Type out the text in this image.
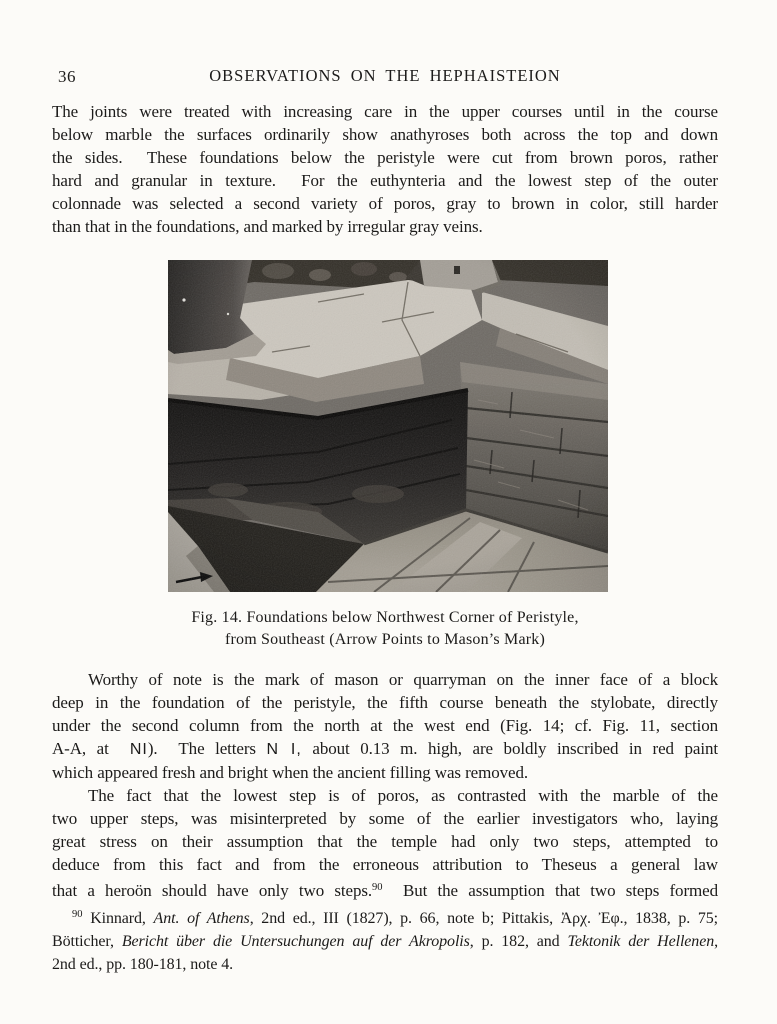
36	OBSERVATIONS ON THE HEPHAISTEION
The joints were treated with increasing care in the upper courses until in the course
below marble the surfaces ordinarily show anathyroses both across the top and down
the sides.  These foundations below the peristyle were cut from brown poros, rather
hard and granular in texture.  For the euthynteria and the lowest step of the outer
colonnade was selected a second variety of poros, gray to brown in color, still harder
than that in the foundations, and marked by irregular gray veins.
Fig. 14. Foundations below Northwest Corner of Peristyle,
from Southeast (Arrow Points to Mason’s Mark)
Worthy of note is the mark of mason or quarryman on the inner face of a block
deep in the foundation of the peristyle, the fifth course beneath the stylobate, directly
under the second column from the north at the west end (Fig. 14; cf. Fig. 11, section
A-A, at  NI).  The letters N I, about 0.13 m. high, are boldly inscribed in red paint
which appeared fresh and bright when the ancient filling was removed.
The fact that the lowest step is of poros, as contrasted with the marble of the
two upper steps, was misinterpreted by some of the earlier investigators who, laying
great stress on their assumption that the temple had only two steps, attempted to
deduce from this fact and from the erroneous attribution to Theseus a general law
that a heroön should have only two steps.$^{90}$  But the assumption that two steps formed
$^{90}$ Kinnard, Ant. of Athens, 2nd ed., III (1827), p. 66, note b; Pittakis, Ἀρχ. Ἐφ., 1838, p. 75;
Bötticher, Bericht über die Untersuchungen auf der Akropolis, p. 182, and Tektonik der Hellenen,
2nd ed., pp. 180-181, note 4.
